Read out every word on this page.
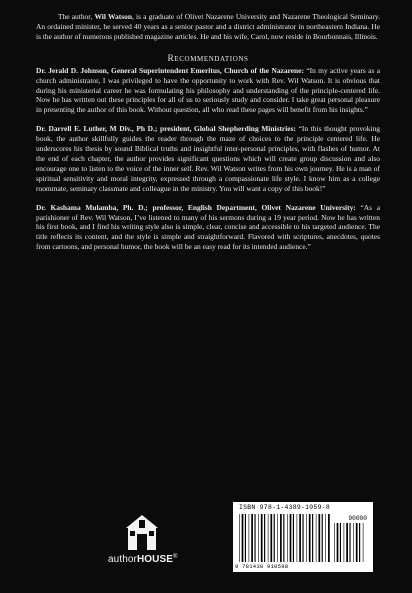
The author, Wil Watson, is a graduate of Olivet Nazarene University and Nazarene Theological Seminary. An ordained minister, he served 40 years as a senior pastor and a district administrator in northeastern Indiana. He is the author of numerous published magazine articles. He and his wife, Carol, now reside in Bourbonnais, Illinois.

Recommendations

Dr. Jerald D. Johnson, General Superintendent Emeritus, Church of the Nazarene: “In my active years as a church administrator, I was privileged to have the opportunity to work with Rev. Wil Watson. It is obvious that during his ministerial career he was formulating his philosophy and understanding of the principle-centered life. Now he has written out these principles for all of us to seriously study and consider. I take great personal pleasure in presenting the author of this book. Without question, all who read these pages will benefit from his insights.”

Dr. Darrell E. Luther, M Div., Ph D.; president, Global Shepherding Ministries: “In this thought provoking book, the author skillfully guides the reader through the maze of choices to the principle centered life. He underscores his thesis by sound Biblical truths and insightful inter-personal principles, with flashes of humor. At the end of each chapter, the author provides significant questions which will create group discussion and also encourage one to listen to the voice of the inner self. Rev. Wil Watson writes from his own journey. He is a man of spiritual sensitivity and moral integrity, expressed through a compassionate life style. I know him as a college roommate, seminary classmate and colleague in the ministry. You will want a copy of this book!”

Dr. Kashama Mulamba, Ph. D.; professor, English Department, Olivet Nazarene University: “As a parishioner of Rev. Wil Watson, I’ve listened to many of his sermons during a 19 year period. Now he has written his first book, and I find his writing style also is simple, clear, concise and accessible to his targeted audience. The title reflects its content, and the style is simple and straightforward. Flavored with scriptures, anecdotes, quotes from cartoons, and personal humor, the book will be an easy read for its intended audience.”

authorHOUSE®
ISBN 978-1-4389-1059-8
90000
9 781438 910598
